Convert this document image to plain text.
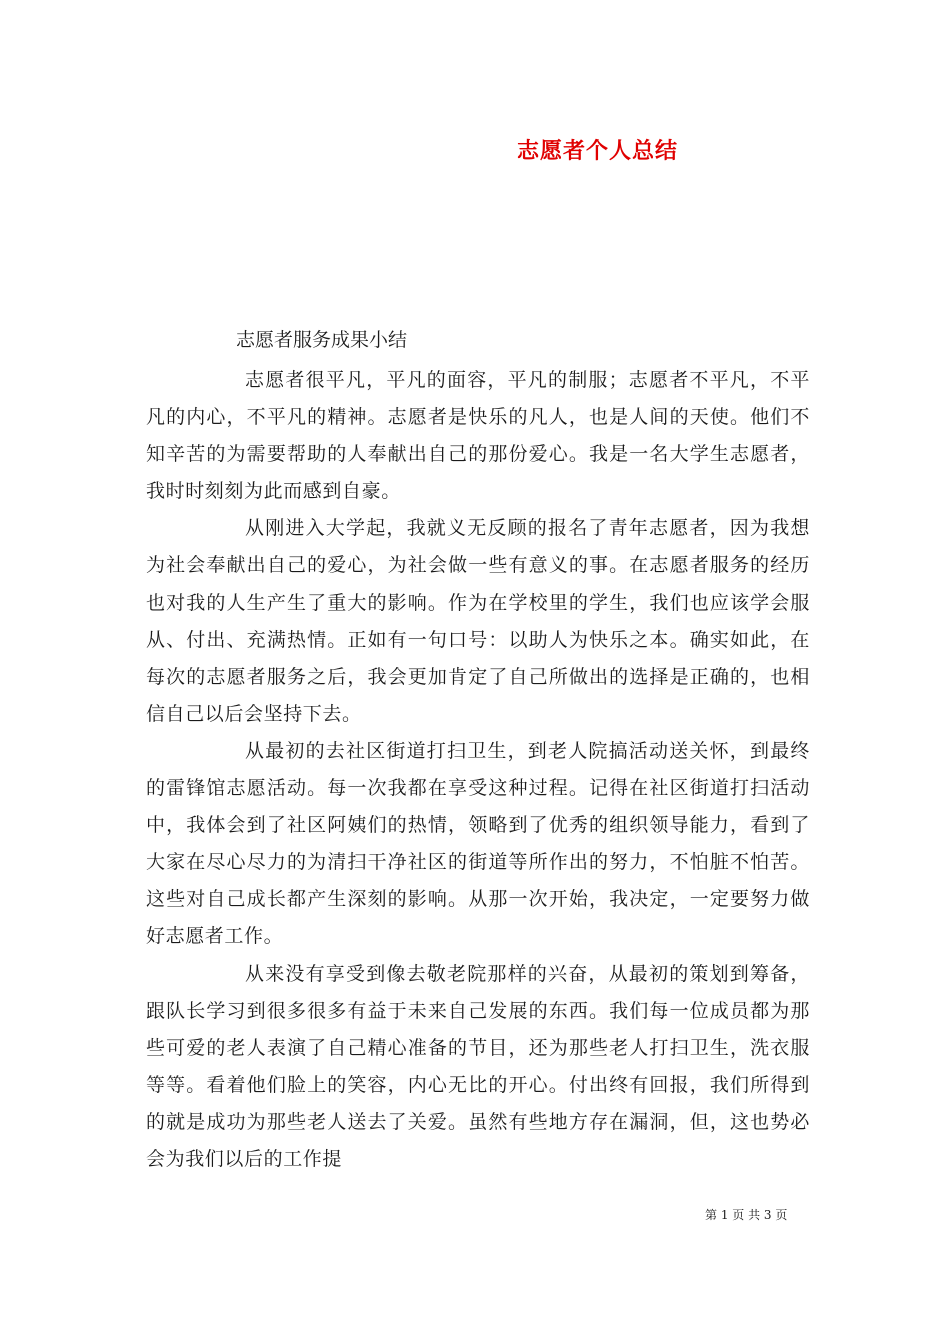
志愿者个人总结
志愿者服务成果小结

志愿者很平凡，平凡的面容，平凡的制服；志愿者不平凡，不平凡的内心，不平凡的精神。志愿者是快乐的凡人，也是人间的天使。他们不知辛苦的为需要帮助的人奉献出自己的那份爱心。我是一名大学生志愿者，我时时刻刻为此而感到自豪。

从刚进入大学起，我就义无反顾的报名了青年志愿者，因为我想为社会奉献出自己的爱心，为社会做一些有意义的事。在志愿者服务的经历也对我的人生产生了重大的影响。作为在学校里的学生，我们也应该学会服从、付出、充满热情。正如有一句口号：以助人为快乐之本。确实如此，在每次的志愿者服务之后，我会更加肯定了自己所做出的选择是正确的，也相信自己以后会坚持下去。

从最初的去社区街道打扫卫生，到老人院搞活动送关怀，到最终的雷锋馆志愿活动。每一次我都在享受这种过程。记得在社区街道打扫活动中，我体会到了社区阿姨们的热情，领略到了优秀的组织领导能力，看到了大家在尽心尽力的为清扫干净社区的街道等所作出的努力，不怕脏不怕苦。这些对自己成长都产生深刻的影响。从那一次开始，我决定，一定要努力做好志愿者工作。

从来没有享受到像去敬老院那样的兴奋，从最初的策划到筹备，跟队长学习到很多很多有益于未来自己发展的东西。我们每一位成员都为那些可爱的老人表演了自己精心准备的节目，还为那些老人打扫卫生，洗衣服等等。看着他们脸上的笑容，内心无比的开心。付出终有回报，我们所得到的就是成功为那些老人送去了关爱。虽然有些地方存在漏洞，但，这也势必会为我们以后的工作提

第 1 页 共 3 页
